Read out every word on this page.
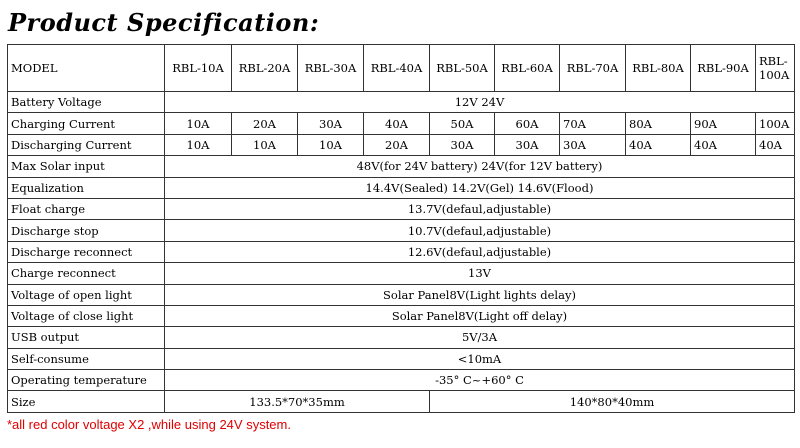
Product Specification:
MODEL	RBL-10A	RBL-20A	RBL-30A	RBL-40A	RBL-50A	RBL-60A	RBL-70A	RBL-80A	RBL-90A	RBL-100A
Battery Voltage	12V 24V									
Charging Current	10A	20A	30A	40A	50A	60A	70A	80A	90A	100A
Discharging Current	10A	10A	10A	20A	30A	30A	30A	40A	40A	40A
Max Solar input	48V(for 24V battery) 24V(for 12V battery)									
Equalization	14.4V(Sealed) 14.2V(Gel) 14.6V(Flood)									
Float charge	13.7V(defaul,adjustable)									
Discharge stop	10.7V(defaul,adjustable)									
Discharge reconnect	12.6V(defaul,adjustable)									
Charge reconnect	13V									
Voltage of open light	Solar Panel8V(Light lights delay)									
Voltage of close light	Solar Panel8V(Light off delay)									
USB output	5V/3A									
Self-consume	<10mA									
Operating temperature	-35° C~+60° C									
Size	133.5*70*35mm				140*80*40mm					
*all red color voltage X2 ,while using 24V system.
